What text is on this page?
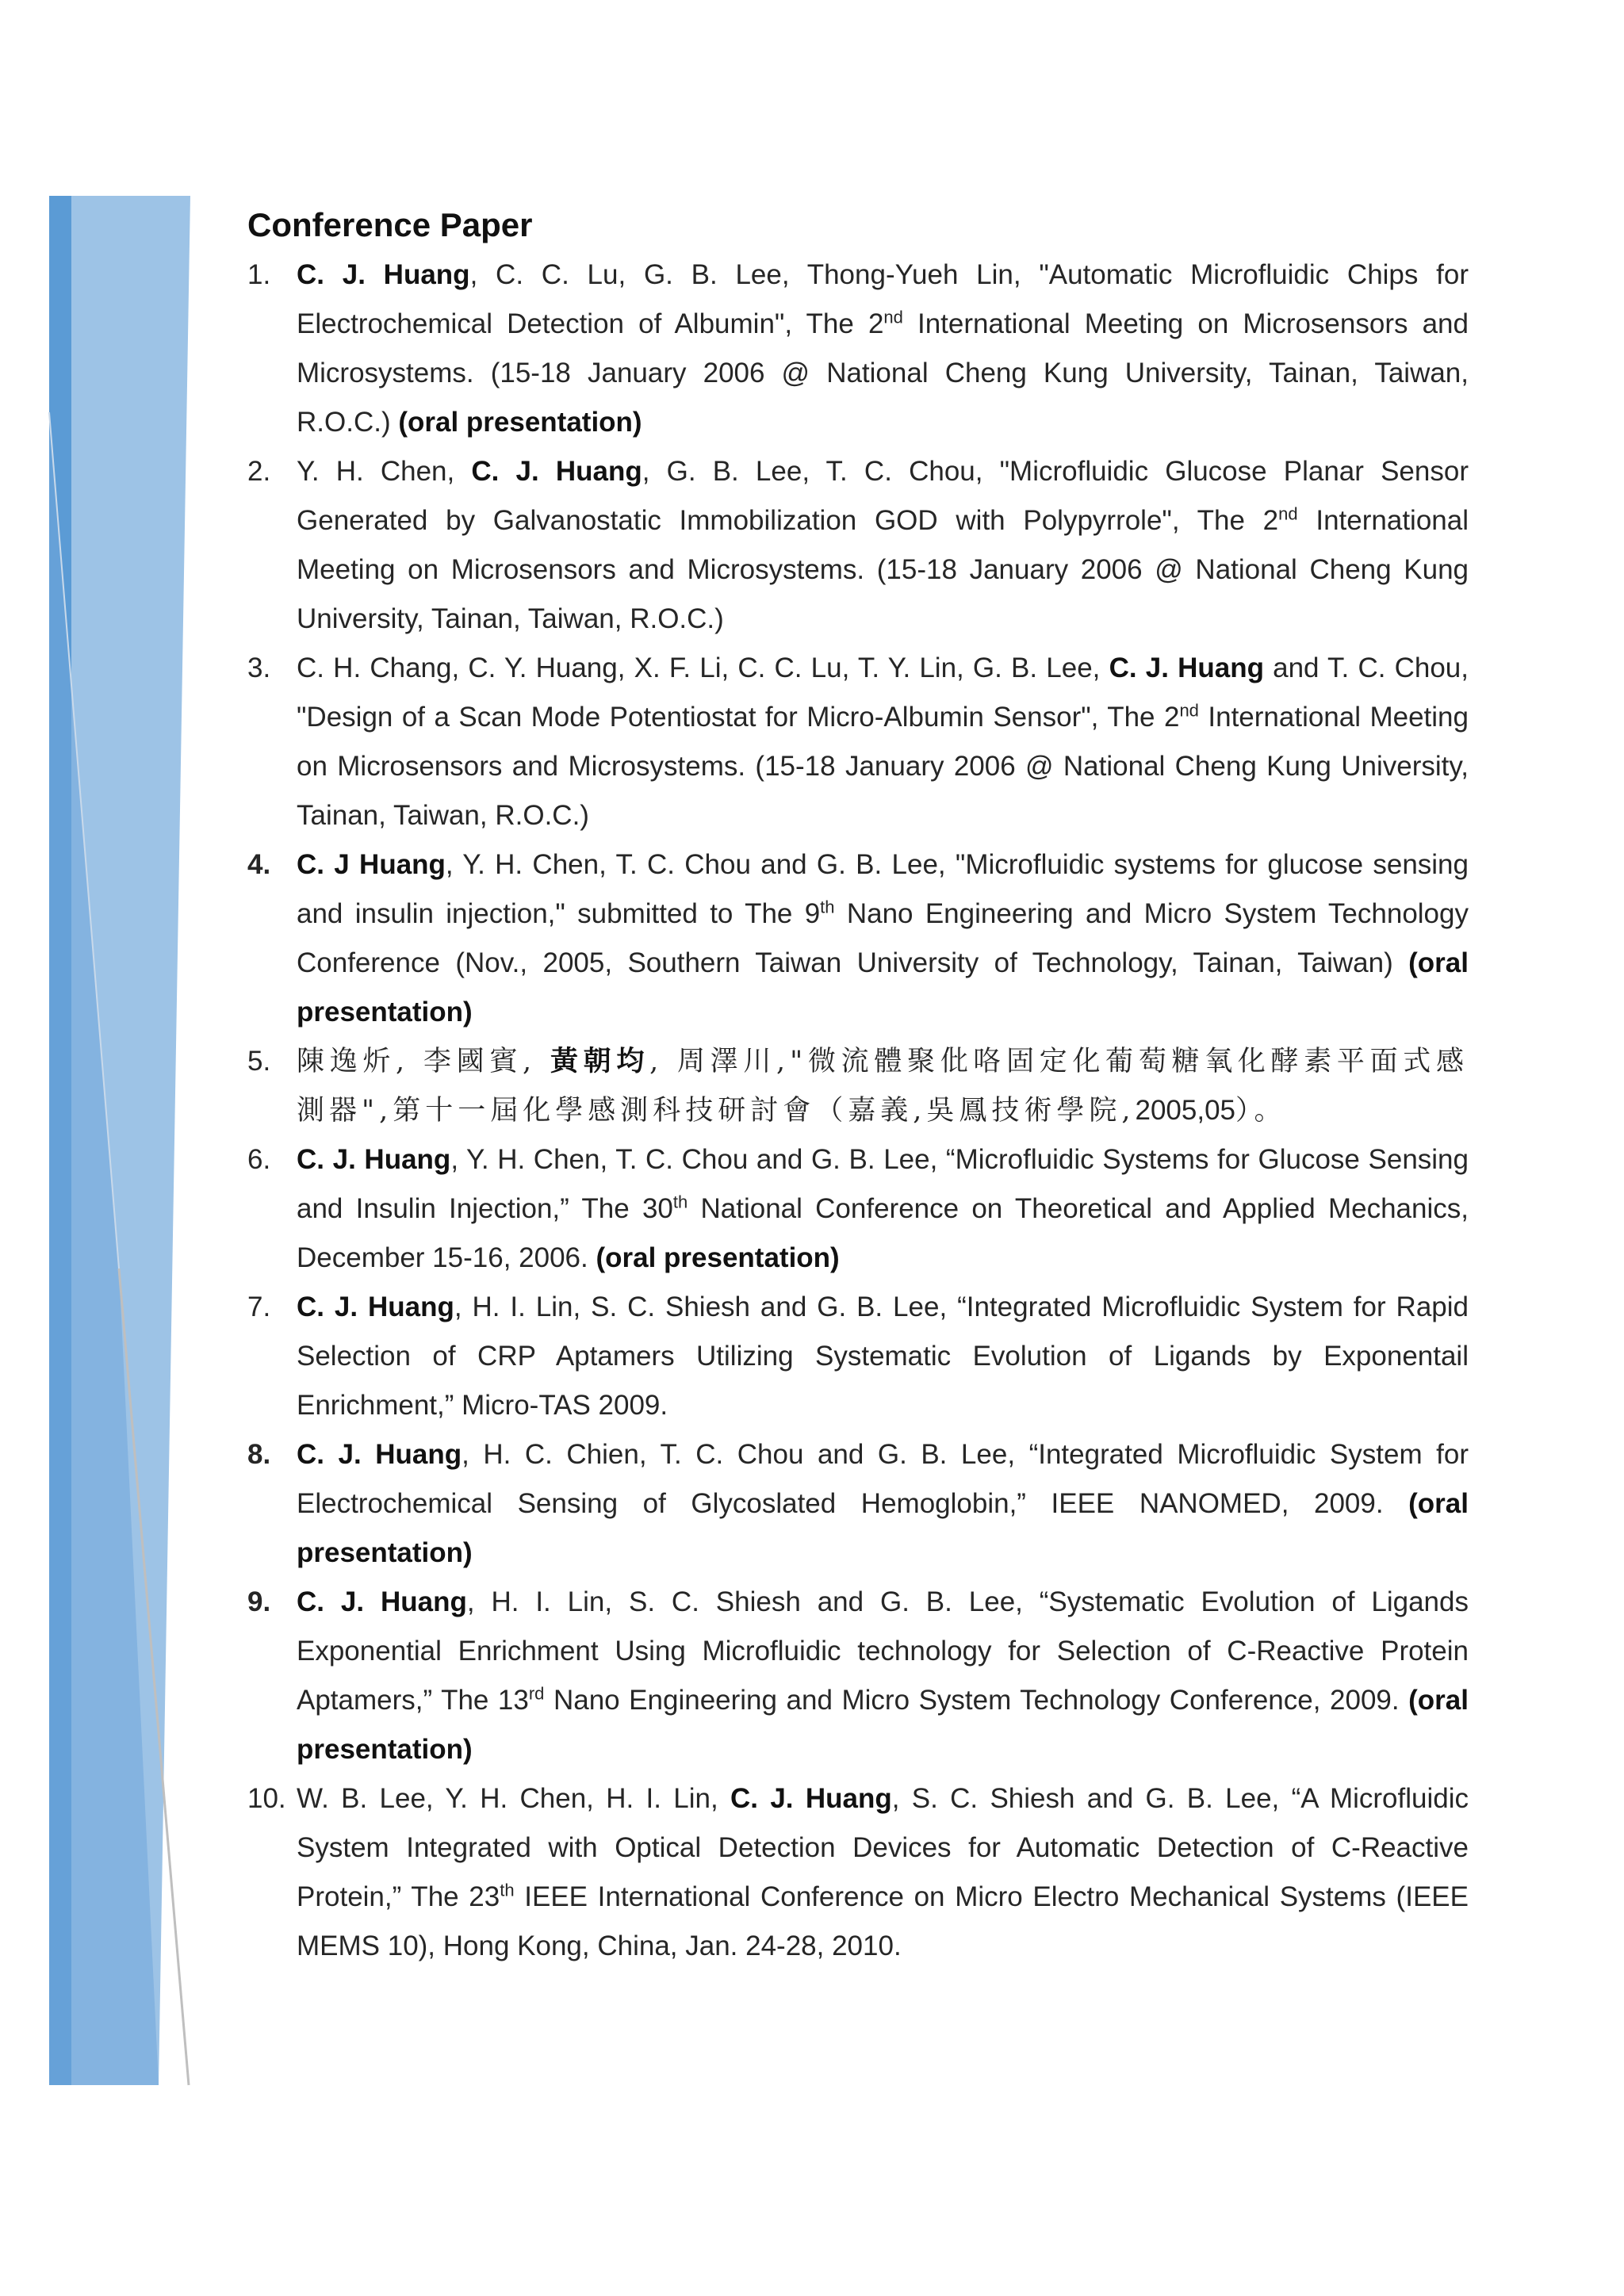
Conference Paper
1. C. J. Huang, C. C. Lu, G. B. Lee, Thong-Yueh Lin, "Automatic Microfluidic Chips for Electrochemical Detection of Albumin", The 2nd International Meeting on Microsensors and Microsystems. (15-18 January 2006 @ National Cheng Kung University, Tainan, Taiwan, R.O.C.) (oral presentation)
2. Y. H. Chen, C. J. Huang, G. B. Lee, T. C. Chou, "Microfluidic Glucose Planar Sensor Generated by Galvanostatic Immobilization GOD with Polypyrrole", The 2nd International Meeting on Microsensors and Microsystems. (15-18 January 2006 @ National Cheng Kung University, Tainan, Taiwan, R.O.C.)
3. C. H. Chang, C. Y. Huang, X. F. Li, C. C. Lu, T. Y. Lin, G. B. Lee, C. J. Huang and T. C. Chou, "Design of a Scan Mode Potentiostat for Micro-Albumin Sensor", The 2nd International Meeting on Microsensors and Microsystems. (15-18 January 2006 @ National Cheng Kung University, Tainan, Taiwan, R.O.C.)
4. C. J Huang, Y. H. Chen, T. C. Chou and G. B. Lee, "Microfluidic systems for glucose sensing and insulin injection," submitted to The 9th Nano Engineering and Micro System Technology Conference (Nov., 2005, Southern Taiwan University of Technology, Tainan, Taiwan) (oral presentation)
5. 陳逸炘, 李國賓, 黃朝均, 周澤川,"微流體聚仳咯固定化葡萄糖氧化酵素平面式感測器",第十一屆化學感測科技研討會（嘉義,吳鳳技術學院,2005,05）。
6. C. J. Huang, Y. H. Chen, T. C. Chou and G. B. Lee, “Microfluidic Systems for Glucose Sensing and Insulin Injection,” The 30th National Conference on Theoretical and Applied Mechanics, December 15-16, 2006. (oral presentation)
7. C. J. Huang, H. I. Lin, S. C. Shiesh and G. B. Lee, “Integrated Microfluidic System for Rapid Selection of CRP Aptamers Utilizing Systematic Evolution of Ligands by Exponentail Enrichment,” Micro-TAS 2009.
8. C. J. Huang, H. C. Chien, T. C. Chou and G. B. Lee, “Integrated Microfluidic System for Electrochemical Sensing of Glycoslated Hemoglobin,” IEEE NANOMED, 2009. (oral presentation)
9. C. J. Huang, H. I. Lin, S. C. Shiesh and G. B. Lee, “Systematic Evolution of Ligands Exponential Enrichment Using Microfluidic technology for Selection of C-Reactive Protein Aptamers,” The 13rd Nano Engineering and Micro System Technology Conference, 2009. (oral presentation)
10. W. B. Lee, Y. H. Chen, H. I. Lin, C. J. Huang, S. C. Shiesh and G. B. Lee, “A Microfluidic System Integrated with Optical Detection Devices for Automatic Detection of C-Reactive Protein,” The 23th IEEE International Conference on Micro Electro Mechanical Systems (IEEE MEMS 10), Hong Kong, China, Jan. 24-28, 2010.
